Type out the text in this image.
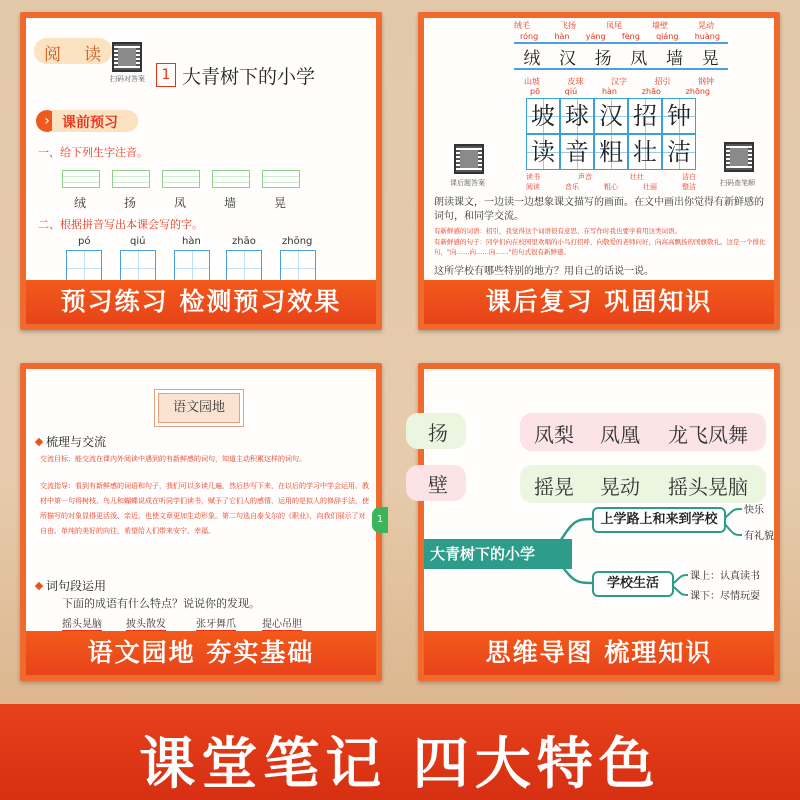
阅 读
扫码对答案	1 大青树下的小学
› 课前预习
一、给下列生字注音。
绒	扬	凤	墙	晃
二、根据拼音写出本课会写的字。
pó	qiú	hàn	zhāo	zhōng
预习练习 检测预习效果
绒毛	飞扬	凤尾	墙壁	晃动
róng hàn yáng fèng qiáng huàng
绒 汉 扬 凤 墙 晃
山坡	皮球	汉字	招引	钢钟
pō	qiú	hàn	zhāo	zhōng
坡 球 汉 招 钟
读 音 粗 壮 洁
读书	声音	壮壮	洁白
阅读	音乐	粗心	壮丽	整洁
课后题答案	扫码查笔顺
朗读课文，一边读一边想象课文描写的画面。在文中画出你觉得有新鲜感的词句，和同学交流。
有新鲜感的词语：招引，我觉得这个词语很有意思，在写作时我也要学着用这类词语。
有新鲜感的句子：同学们向在校园里欢唱的小鸟打招呼，向敬爱的老师问好，向高高飘扬的国旗敬礼。这是一个排比句，"向……向……向……"的句式很有新鲜感。
这所学校有哪些特别的地方？用自己的话说一说。
课后复习 巩固知识
语文园地
梳理与交流
交流目标：能交流在课内外阅读中遇到的有新鲜感的词句，知道主动积累这样的词句。
交流指导：看到有新鲜感的词语和句子，我们可以多读几遍，然后抄写下来，在以后的学习中学会运用。教材中第一句将树枝、鸟儿和蝴蝶说成在听同学们读书，赋予了它们人的感情，运用的是拟人的修辞手法，使所描写的对象显得更活泼、亲近，也使文章更加生动形象。第二句选自泰戈尔的《职业》，向我们展示了对自由、单纯的美好的向往，希望给人们带来安宁、幸福。
1
词句段运用
下面的成语有什么特点？说说你的发现。
摇头晃脑 披头散发	张牙舞爪	提心吊胆
语文园地 夯实基础
扬
壁
凤梨 凤凰 龙飞凤舞
摇晃 晃动 摇头晃脑
大青树下的小学
上学路上和来到学校
快乐
有礼貌
学校生活	课上：认真读书
课下：尽情玩耍
思维导图 梳理知识
课堂笔记 四大特色
